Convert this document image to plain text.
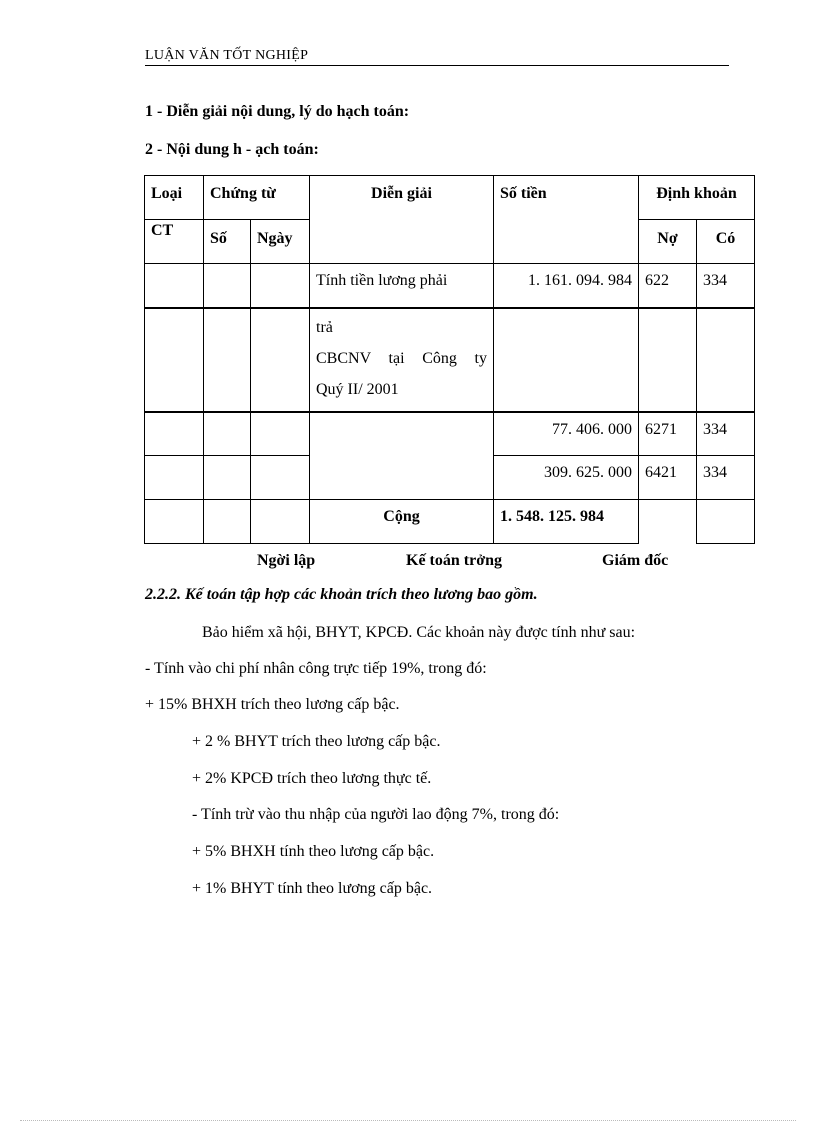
LUẬN VĂN TỐT NGHIỆP
1 - Diễn giải nội dung, lý do hạch toán:
2 - Nội dung h - ạch toán:
Loại	Chứng từ		Diễn giải	Số tiền	Định khoản	
CT	Số	Ngày			Nợ	Có
			Tính tiền lương phải	1. 161. 094. 984	622	334

			trả
CBCNV tại Công ty
Quý II/ 2001			

				77. 406. 000	6271	334
				309. 625. 000	6421	334
			Cộng	1. 548. 125. 984		
Ngời lập	Kế toán trởng	Giám đốc
2.2.2. Kế toán tập hợp các khoản trích theo lương bao gồm.
Bảo hiểm xã hội, BHYT, KPCĐ. Các khoản này được tính như sau:
- Tính vào chi phí nhân công trực tiếp 19%, trong đó:
+ 15% BHXH trích theo lương cấp bậc.
+ 2 % BHYT trích theo lương cấp bậc.
+ 2% KPCĐ trích theo lương thực tế.
- Tính trừ vào thu nhập của người lao động 7%, trong đó:
+ 5% BHXH tính theo lương cấp bậc.
+ 1% BHYT tính theo lương cấp bậc.
